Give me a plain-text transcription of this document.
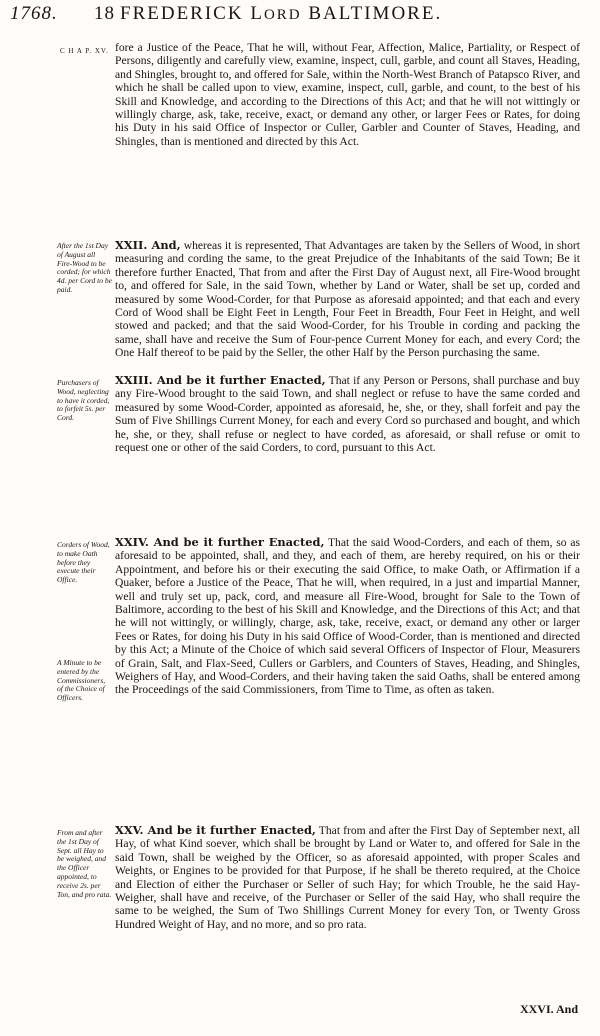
1768. 18 FREDERICK LORD BALTIMORE.
C H A P. XV. fore a Justice of the Peace, That he will, without Fear, Affection, Malice, Partiality, or Respect of Persons, diligently and carefully view, examine, inspect, cull, garble, and count all Staves, Heading, and Shingles, brought to, and offered for Sale, within the North-West Branch of Patapsco River, and which he shall be called upon to view, examine, inspect, cull, garble, and count, to the best of his Skill and Knowledge, and according to the Directions of this Act; and that he will not wittingly or willingly charge, ask, take, receive, exact, or demand any other, or larger Fees or Rates, for doing his Duty in his said Office of Inspector or Culler, Garbler and Counter of Staves, Heading, and Shingles, than is mentioned and directed by this Act.
After the 1st Day of August all Fire-Wood to be corded; for which 4d. per Cord to be paid.
XXII. And, whereas it is represented, That Advantages are taken by the Sellers of Wood, in short measuring and cording the same, to the great Prejudice of the Inhabitants of the said Town; Be it therefore further Enacted, That from and after the First Day of August next, all Fire-Wood brought to, and offered for Sale, in the said Town, whether by Land or Water, shall be set up, corded and measured by some Wood-Corder, for that Purpose as aforesaid appointed; and that each and every Cord of Wood shall be Eight Feet in Length, Four Feet in Breadth, Four Feet in Height, and well stowed and packed; and that the said Wood-Corder, for his Trouble in cording and packing the same, shall have and receive the Sum of Four-pence Current Money for each, and every Cord; the One Half thereof to be paid by the Seller, the other Half by the Person purchasing the same.
Purchasers of Wood, neglecting to have it corded, to forfeit 5s. per Cord.
XXIII. And be it further Enacted, That if any Person or Persons, shall purchase and buy any Fire-Wood brought to the said Town, and shall neglect or refuse to have the same corded and measured by some Wood-Corder, appointed as aforesaid, he, she, or they, shall forfeit and pay the Sum of Five Shillings Current Money, for each and every Cord so purchased and bought, and which he, she, or they, shall refuse or neglect to have corded, as aforesaid, or shall refuse or omit to request one or other of the said Corders, to cord, pursuant to this Act.
Corders of Wood, to make Oath before they execute their Office.
XXIV. And be it further Enacted, That the said Wood-Corders, and each of them, so as aforesaid to be appointed, shall, and they, and each of them, are hereby required, on his or their Appointment, and before his or their executing the said Office, to make Oath, or Affirmation if a Quaker, before a Justice of the Peace, That he will, when required, in a just and impartial Manner, well and truly set up, pack, cord, and measure all Fire-Wood, brought for Sale to the Town of Baltimore, according to the best of his Skill and Knowledge, and the Directions of this Act; and that he will not wittingly, or willingly, charge, ask, take, receive, exact, or demand any other or larger Fees or Rates, for doing his Duty in his said Office of Wood-Corder, than is mentioned and directed by this Act; a Minute of the Choice of which said several Officers of Inspector of Flour, Measurers of Grain, Salt, and Flax-Seed, Cullers or Garblers, and Counters of Staves, Heading, and Shingles, Weighers of Hay, and Wood-Corders, and their having taken the said Oaths, shall be entered among the Proceedings of the said Commissioners, from Time to Time, as often as taken.
A Minute to be entered by the Commissioners, of the Choice of Officers.
From and after the 1st Day of Sept. all Hay to be weighed, and the Officer appointed, to receive 2s. per Ton, and pro rata.
XXV. And be it further Enacted, That from and after the First Day of September next, all Hay, of what Kind soever, which shall be brought by Land or Water to, and offered for Sale in the said Town, shall be weighed by the Officer, so as aforesaid appointed, with proper Scales and Weights, or Engines to be provided for that Purpose, if he shall be thereto required, at the Choice and Election of either the Purchaser or Seller of such Hay; for which Trouble, he the said Hay-Weigher, shall have and receive, of the Purchaser or Seller of the said Hay, who shall require the same to be weighed, the Sum of Two Shillings Current Money for every Ton, or Twenty Gross Hundred Weight of Hay, and no more, and so pro rata.
XXVI. And
